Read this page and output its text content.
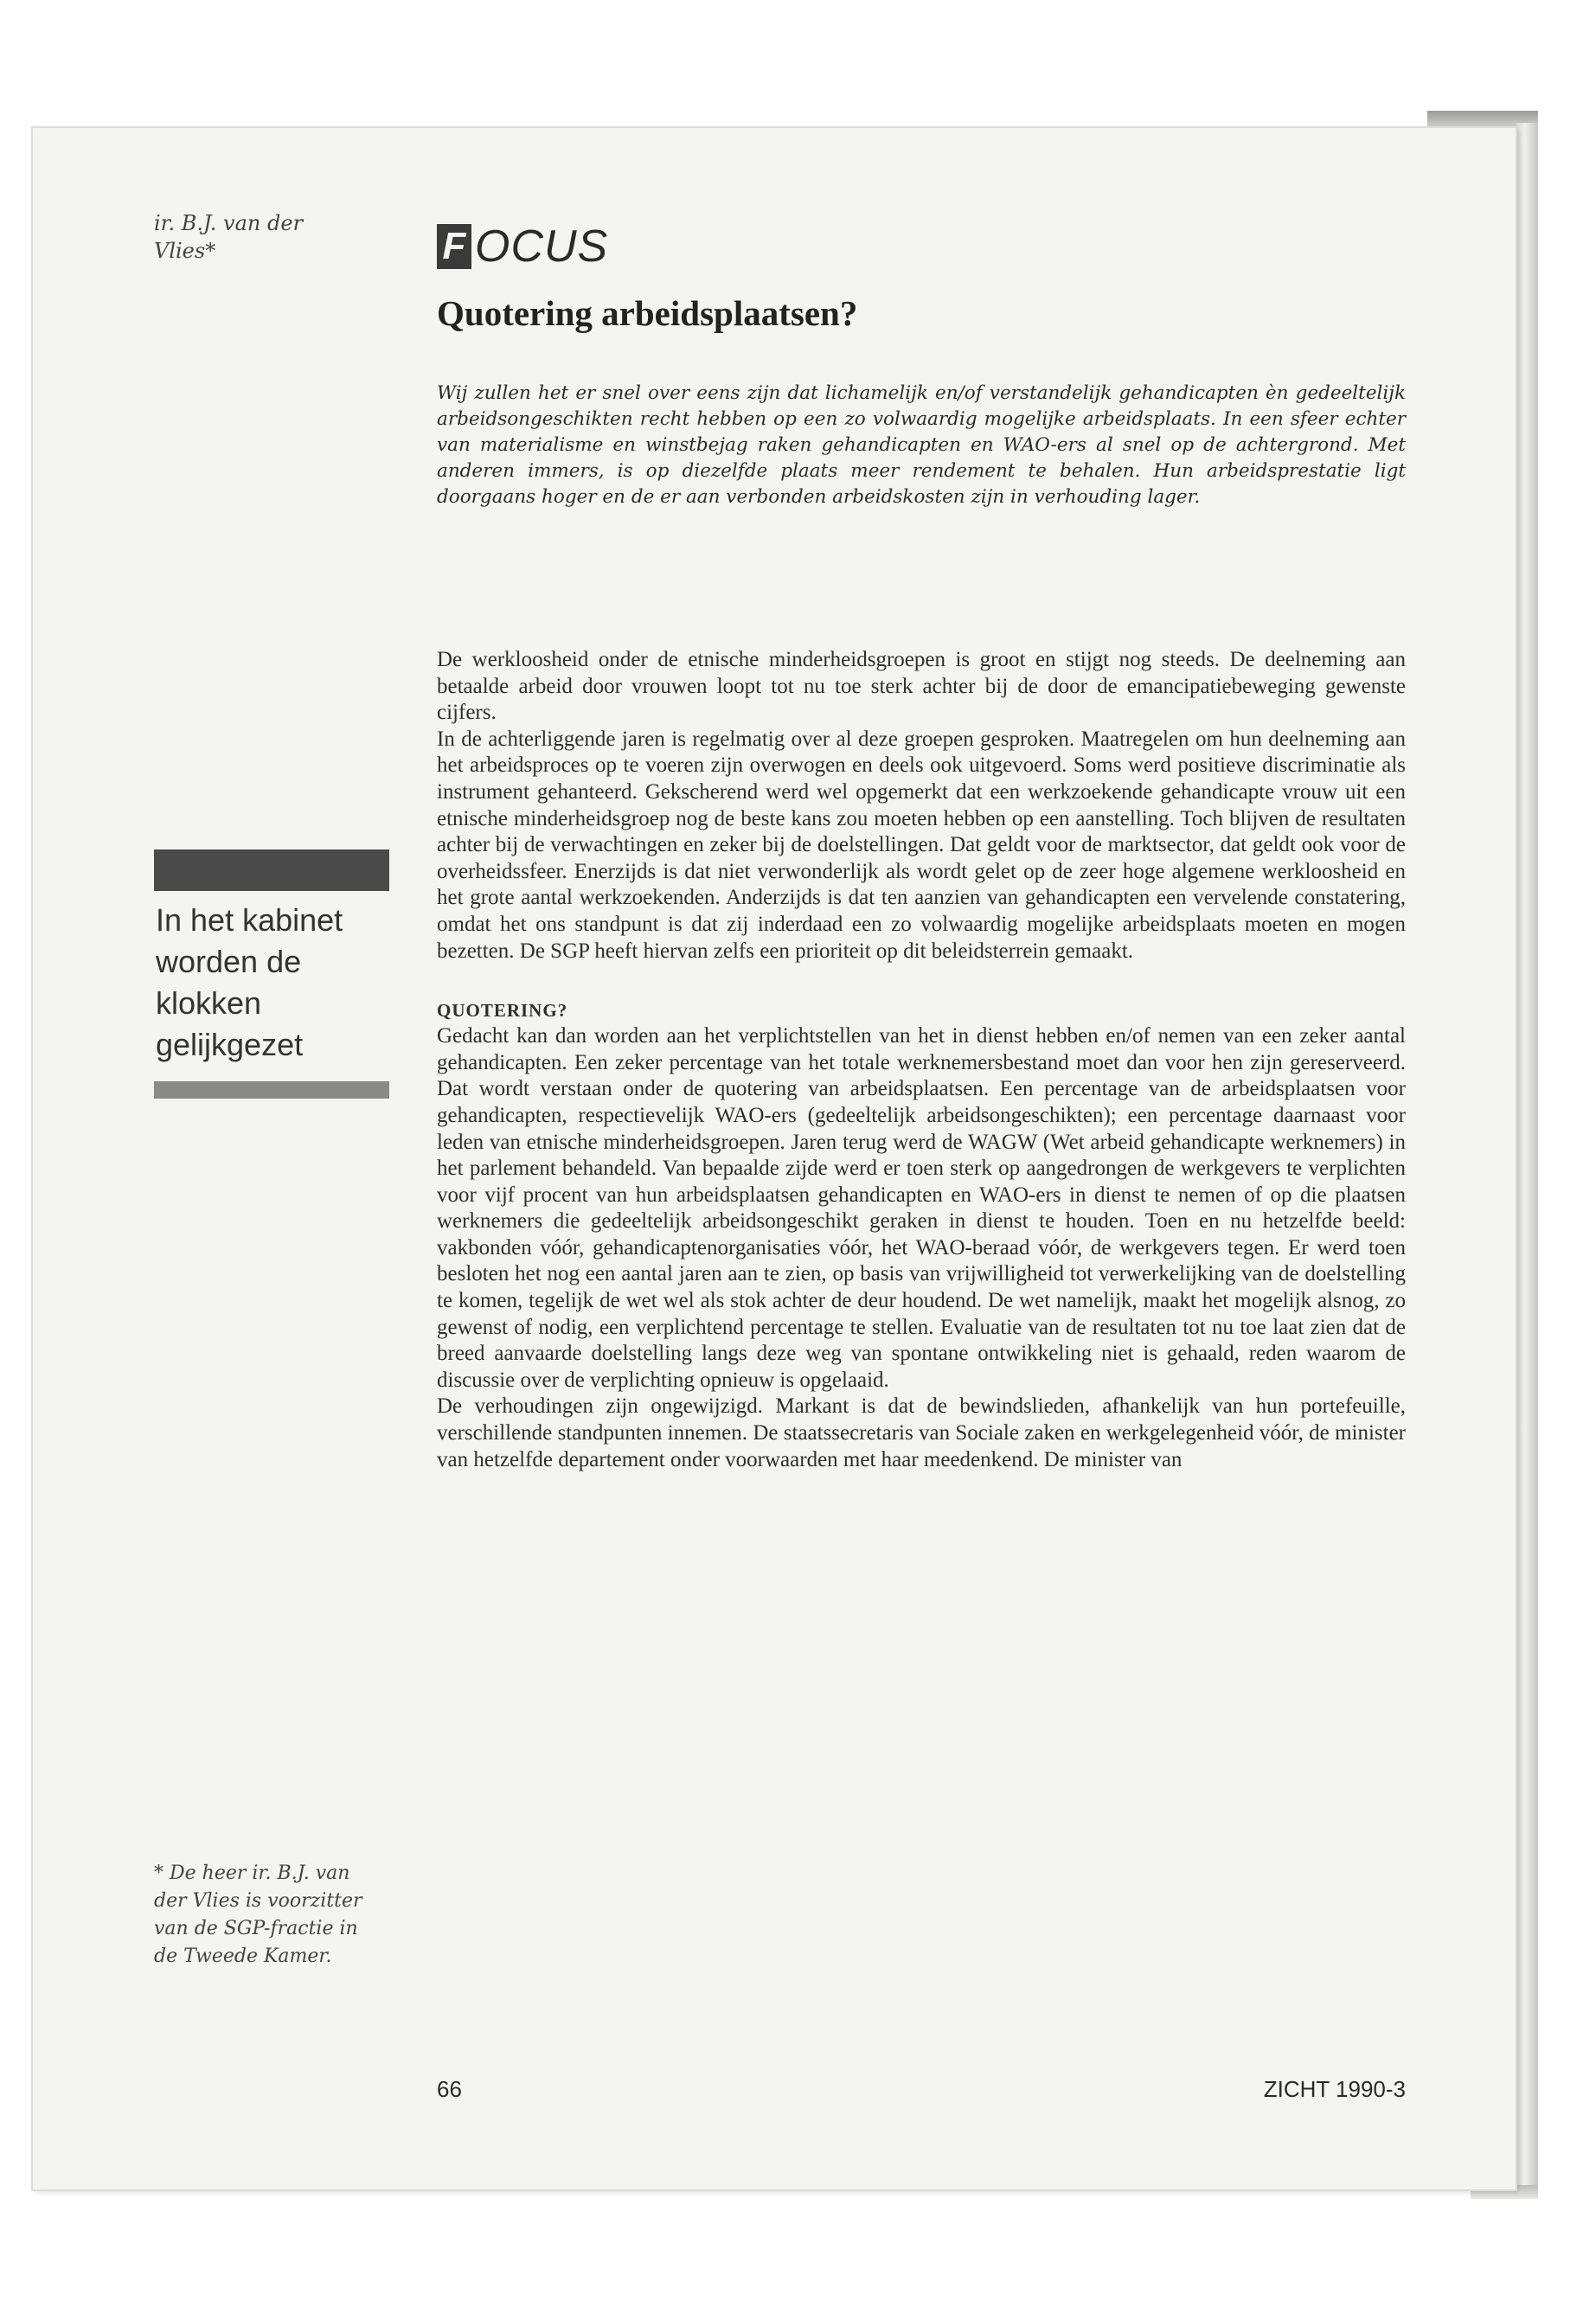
ir. B.J. van der Vlies*	F OCUS
Quotering arbeidsplaatsen?
Wij zullen het er snel over eens zijn dat lichamelijk en/of verstandelijk gehandicapten èn gedeeltelijk arbeidsongeschikten recht hebben op een zo volwaardig mogelijke arbeidsplaats. In een sfeer echter van materialisme en winstbejag raken gehandicapten en WAO-ers al snel op de achtergrond. Met anderen immers, is op diezelfde plaats meer rendement te behalen. Hun arbeidsprestatie ligt doorgaans hoger en de er aan verbonden arbeidskosten zijn in verhouding lager.

De werkloosheid onder de etnische minderheidsgroepen is groot en stijgt nog steeds. De deelneming aan betaalde arbeid door vrouwen loopt tot nu toe sterk achter bij de door de emancipatiebeweging gewenste cijfers.

In de achterliggende jaren is regelmatig over al deze groepen gesproken. Maatregelen om hun deelneming aan het arbeidsproces op te voeren zijn overwogen en deels ook uitgevoerd. Soms werd positieve discriminatie als instrument gehanteerd. Gekscherend werd wel opgemerkt dat een werkzoekende gehandicapte vrouw uit een etnische minderheidsgroep nog de beste kans zou moeten hebben op een aanstelling. Toch blijven de resultaten achter bij de verwachtingen en zeker bij de doelstellingen. Dat geldt voor de marktsector, dat geldt ook voor de overheidssfeer. Enerzijds is dat niet verwonderlijk als wordt gelet op de zeer hoge algemene werkloosheid en het grote aantal werkzoekenden. Anderzijds is dat ten aanzien van gehandicapten een vervelende constatering, omdat het ons standpunt is dat zij inderdaad een zo volwaardig mogelijke arbeidsplaats moeten en mogen bezetten. De SGP heeft hiervan zelfs een prioriteit op dit beleidsterrein gemaakt.

QUOTERING?

Gedacht kan dan worden aan het verplichtstellen van het in dienst hebben en/of nemen van een zeker aantal gehandicapten. Een zeker percentage van het totale werknemersbestand moet dan voor hen zijn gereserveerd. Dat wordt verstaan onder de quotering van arbeidsplaatsen. Een percentage van de arbeidsplaatsen voor gehandicapten, respectievelijk WAO-ers (gedeeltelijk arbeidsongeschikten); een percentage daarnaast voor leden van etnische minderheidsgroepen. Jaren terug werd de WAGW (Wet arbeid gehandicapte werknemers) in het parlement behandeld. Van bepaalde zijde werd er toen sterk op aangedrongen de werkgevers te verplichten voor vijf procent van hun arbeidsplaatsen gehandicapten en WAO-ers in dienst te nemen of op die plaatsen werknemers die gedeeltelijk arbeidsongeschikt geraken in dienst te houden. Toen en nu hetzelfde beeld: vakbonden vóór, gehandicaptenorganisaties vóór, het WAO-beraad vóór, de werkgevers tegen. Er werd toen besloten het nog een aantal jaren aan te zien, op basis van vrijwilligheid tot verwerkelijking van de doelstelling te komen, tegelijk de wet wel als stok achter de deur houdend. De wet namelijk, maakt het mogelijk alsnog, zo gewenst of nodig, een verplichtend percentage te stellen. Evaluatie van de resultaten tot nu toe laat zien dat de breed aanvaarde doelstelling langs deze weg van spontane ontwikkeling niet is gehaald, reden waarom de discussie over de verplichting opnieuw is opgelaaid.

De verhoudingen zijn ongewijzigd. Markant is dat de bewindslieden, afhankelijk van hun portefeuille, verschillende standpunten innemen. De staatssecretaris van Sociale zaken en werkgelegenheid vóór, de minister van hetzelfde departement onder voorwaarden met haar meedenkend. De minister van

In het kabinet worden de klokken gelijkgezet
* De heer ir. B.J. van der Vlies is voorzitter van de SGP-fractie in de Tweede Kamer.
66	ZICHT 1990-3
